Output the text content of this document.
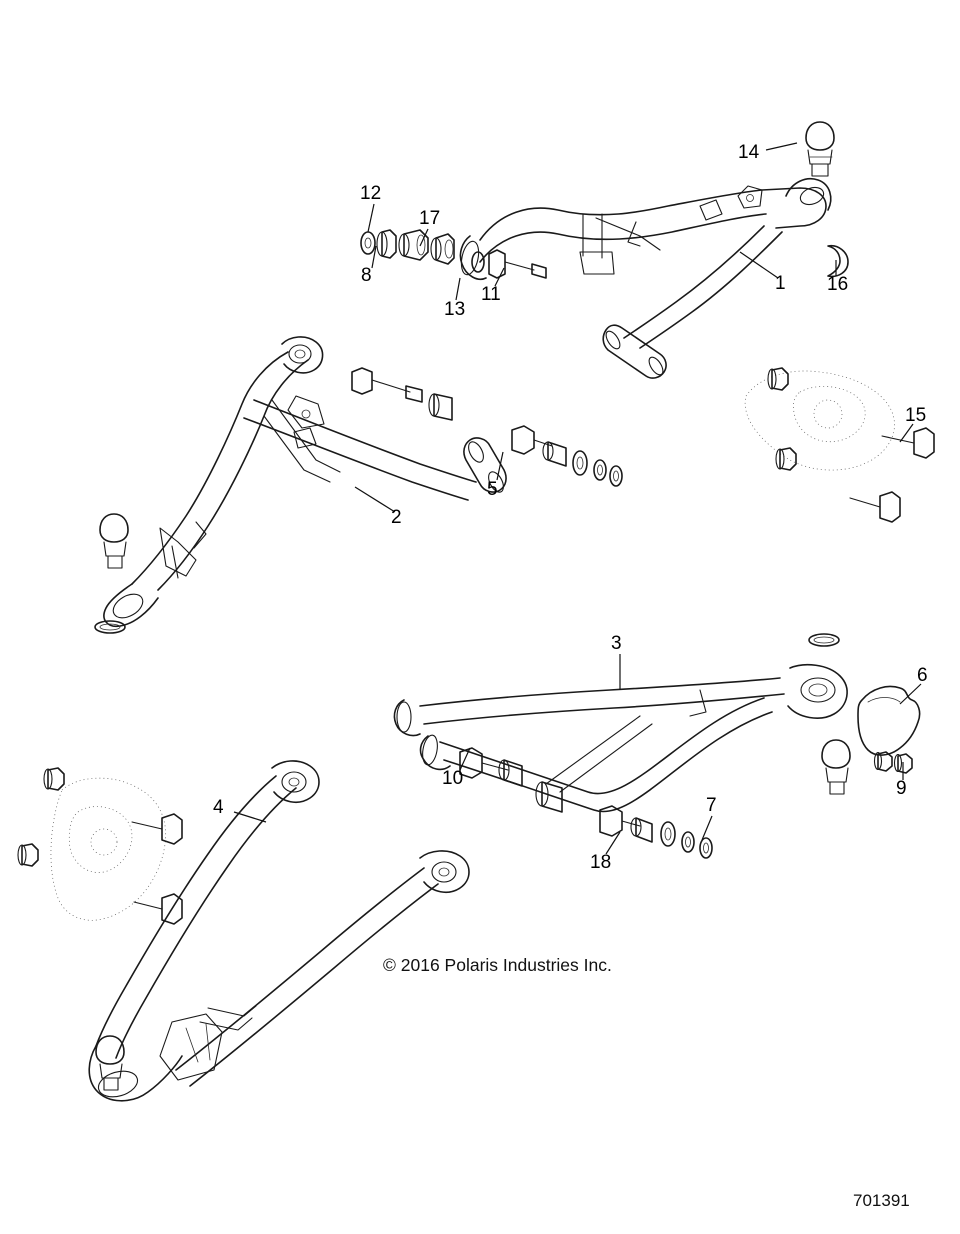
1
2
3
4
5
6
7
8
9
10
11
12
13
14
15
16
17
18
© 2016 Polaris Industries Inc.
701391
